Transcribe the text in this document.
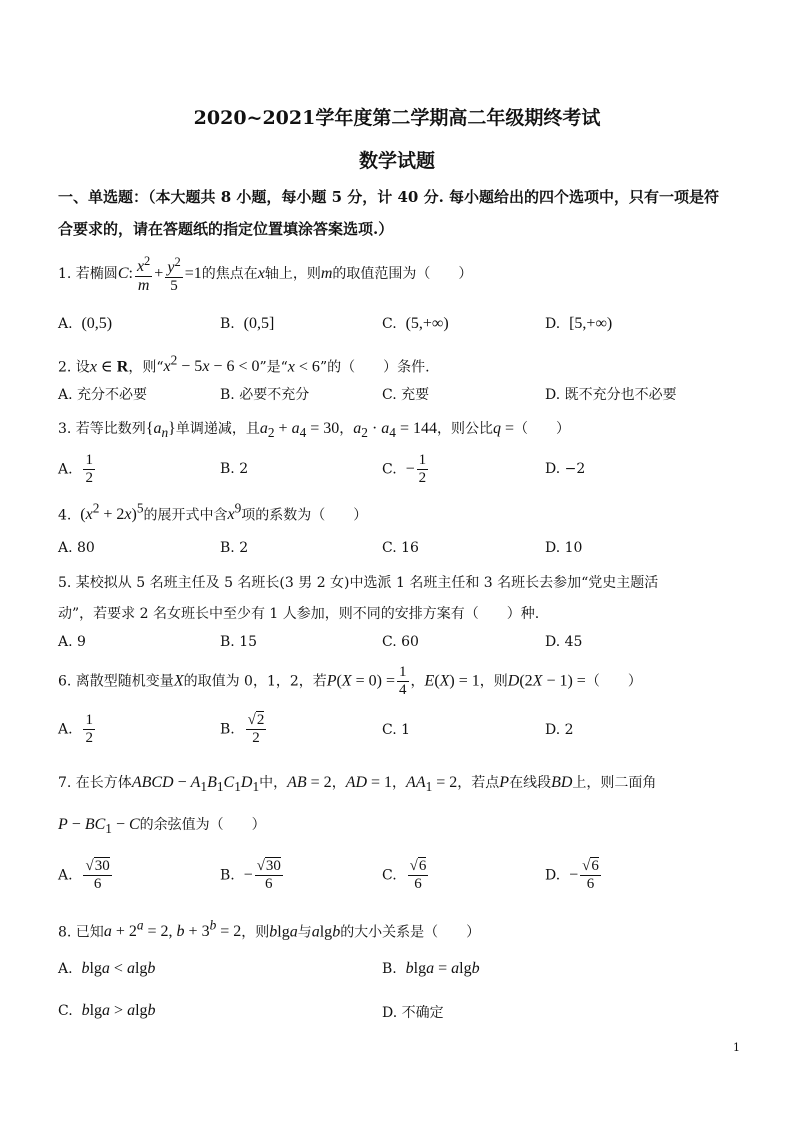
2020~2021学年度第二学期高二年级期终考试
数学试题
一、单选题：（本大题共 8 小题，每小题 5 分，计 40 分. 每小题给出的四个选项中，只有一项是符
合要求的，请在答题纸的指定位置填涂答案选项.）
1. 若椭圆C: $\frac{x^2}{m} + \frac{y^2}{5} =1$的焦点在x轴上，则m的取值范围为（　　）
A. (0,5)	B. (0,5]	C. (5,+∞)	D. [5,+∞)
2. 设x ∈ R，则“$x^2 - 5x - 6 < 0$”是“x < 6”的（　　）条件.
A. 充分不必要	B. 必要不充分	C. 充要	D. 既不充分也不必要
3. 若等比数列$\{a_n\}$单调递减，且$a_2 + a_4 = 30$，$a_2 \cdot a_4 = 144$，则公比q =（　　）
A. $\frac{1}{2}$	B. 2	C. − $\frac{1}{2}$	D. −2
4. $(x^2 + 2x)^5$的展开式中含$x^9$项的系数为（　　）
A. 80	B. 2	C. 16	D. 10
5. 某校拟从 5 名班主任及 5 名班长(3 男 2 女)中选派 1 名班主任和 3 名班长去参加“党史主题活
动”，若要求 2 名女班长中至少有 1 人参加，则不同的安排方案有（　　）种.
A. 9	B. 15	C. 60	D. 45
6. 离散型随机变量X的取值为 0，1，2，若$P(X = 0) = \frac{1}{4}$ ，E(X) = 1，则D(2X − 1) =（　　）
A. $\frac{1}{2}$	B. $\frac{√2}{2}$	C. 1	D. 2
7. 在长方体ABCD − $A_1B_1C_1D_1$中，AB = 2，AD = 1，$AA_1 = 2$，若点P在线段BD上，则二面角
$P - BC_1 - C$的余弦值为（　　）
A. $\frac{√30}{6}$	B. − $\frac{√30}{6}$	C. $\frac{√6}{6}$	D. − $\frac{√6}{6}$
8. 已知$a + 2^a = 2$, $b + 3^b = 2$，则blga与algb的大小关系是（　　）
A. blga < algb	B. blga = algb
C. blga > algb	D. 不确定
1
